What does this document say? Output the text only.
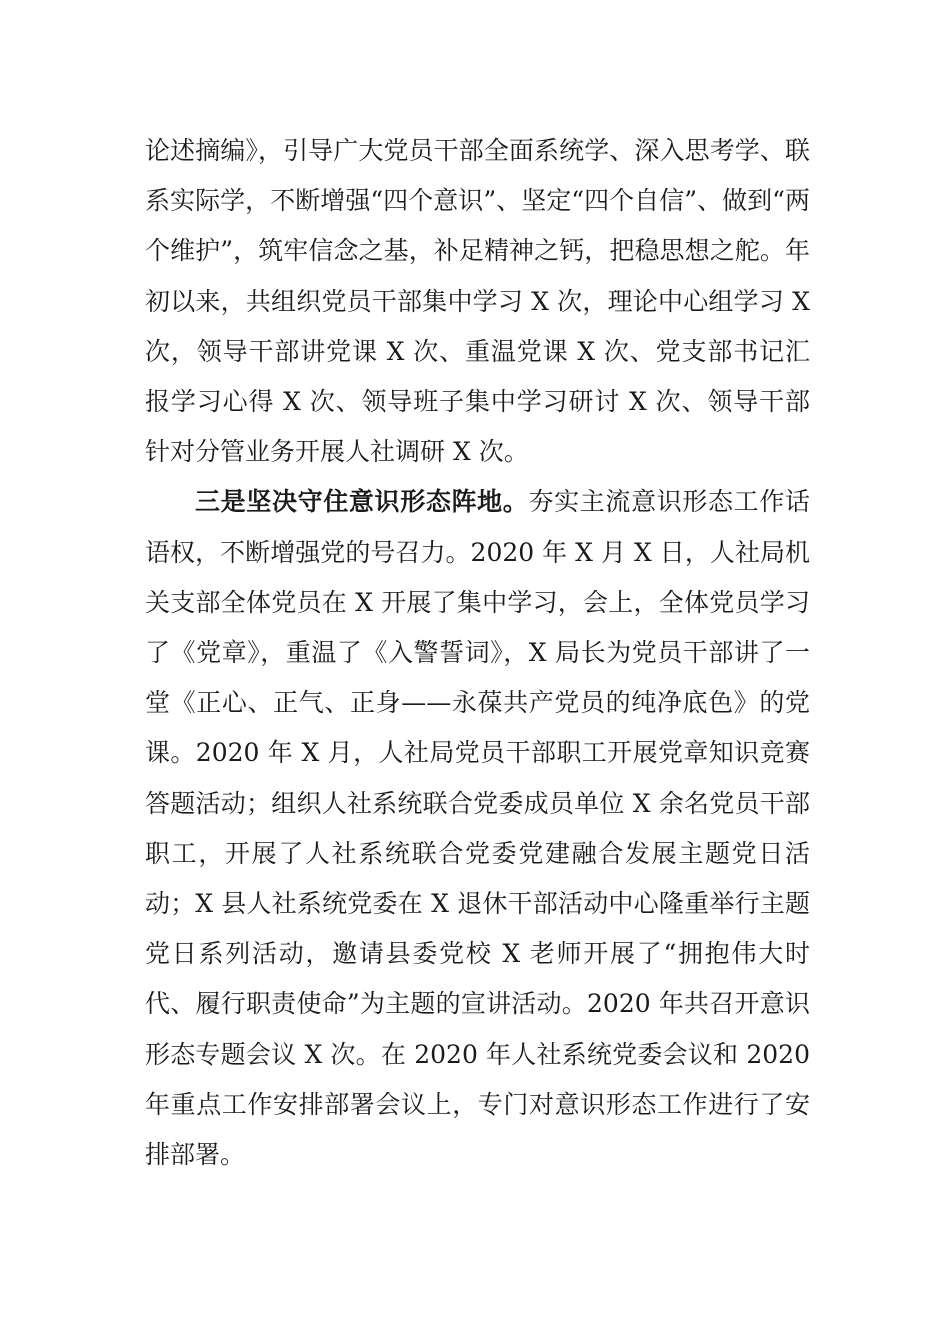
论述摘编》，引导广大党员干部全面系统学、深入思考学、联系实际学，不断增强“四个意识”、坚定“四个自信”、做到“两个维护”，筑牢信念之基，补足精神之钙，把稳思想之舵。年初以来，共组织党员干部集中学习 X 次，理论中心组学习 X 次，领导干部讲党课 X 次、重温党课 X 次、党支部书记汇报学习心得 X 次、领导班子集中学习研讨 X 次、领导干部针对分管业务开展人社调研 X 次。

三是坚决守住意识形态阵地。夯实主流意识形态工作话语权，不断增强党的号召力。2020 年 X 月 X 日，人社局机关支部全体党员在 X 开展了集中学习，会上，全体党员学习了《党章》，重温了《入警誓词》，X 局长为党员干部讲了一堂《正心、正气、正身——永葆共产党员的纯净底色》的党课。2020 年 X 月，人社局党员干部职工开展党章知识竞赛答题活动；组织人社系统联合党委成员单位 X 余名党员干部职工，开展了人社系统联合党委党建融合发展主题党日活动；X 县人社系统党委在 X 退休干部活动中心隆重举行主题党日系列活动，邀请县委党校 X 老师开展了“拥抱伟大时代、履行职责使命”为主题的宣讲活动。2020 年共召开意识形态专题会议 X 次。在 2020 年人社系统党委会议和 2020 年重点工作安排部署会议上，专门对意识形态工作进行了安排部署。
